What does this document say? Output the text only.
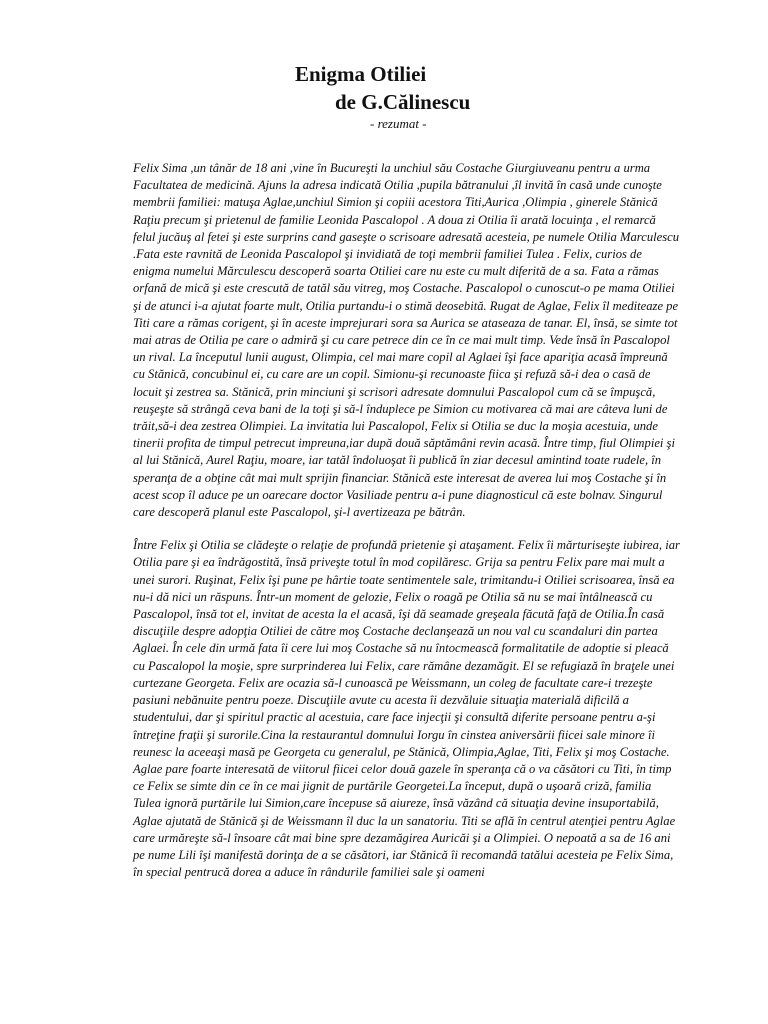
Enigma Otiliei
de G.Călinescu
- rezumat -

Felix Sima ,un tânăr de 18 ani ,vine în Bucureşti la unchiul său Costache Giurgiuveanu pentru a urma Facultatea de medicină. Ajuns la adresa indicată Otilia ,pupila bătranului ,îl invită în casă unde cunoşte membrii familiei: matuşa Aglae,unchiul Simion şi copiii acestora Titi,Aurica ,Olimpia , ginerele Stănică Raţiu precum şi prietenul de familie Leonida Pascalopol . A doua zi Otilia îi arată locuinţa , el remarcă felul jucăuş al fetei şi este surprins cand gaseşte o scrisoare adresată acesteia, pe numele Otilia Marculescu .Fata este ravnită de Leonida Pascalopol şi invidiată de toţi membrii familiei Tulea . Felix, curios de enigma numelui Mărculescu descoperă soarta Otiliei care nu este cu mult diferită de a sa. Fata a rămas orfană de mică şi este crescută de tatăl său vitreg, moş Costache. Pascalopol o cunoscut-o pe mama Otiliei şi de atunci i-a ajutat foarte mult, Otilia purtandu-i o stimă deosebită. Rugat de Aglae, Felix îl mediteaze pe Titi care a rămas corigent, şi în aceste impreјurari sora sa Aurica se ataseaza de tanar. El, însă, se simte tot mai atras de Otilia pe care o admiră şi cu care petrece din ce în ce mai mult timp. Vede însă în Pascalopol un rival. La începutul lunii august, Olimpia, cel mai mare copil al Aglaei îşi face apariţia acasă împreună cu Stănică, concubinul ei, cu care are un copil. Simionu-şi recunoaste fiica şi refuză să-i dea o casă de locuit şi zestrea sa. Stănică, prin minciuni şi scrisori adresate domnului Pascalopol cum că se împuşcă, reuşeşte să strângă ceva bani de la toţi şi să-l înduplece pe Simion cu motivarea că mai are câteva luni de trăit,să-i dea zestrea Olimpiei. La invitatia lui Pascalopol, Felix si Otilia se duc la moşia acestuia, unde tinerii profita de timpul petrecut impreuna,iar după două săptămâni revin acasă. Între timp, fiul Olimpiei şi al lui Stănică, Aurel Raţiu, moare, iar tatăl îndoluoşat îi publică în ziar decesul amintind toate rudele, în speranţa de a obţine cât mai mult sprijin financiar. Stănică este interesat de averea lui moş Costache şi în acest scop îl aduce pe un oarecare doctor Vasiliade pentru a-i pune diagnosticul că este bolnav. Singurul care descoperă planul este Pascalopol, şi-l avertizeaza pe bătrân.

Între Felix şi Otilia se clădeşte o relaţie de profundă prietenie şi ataşament. Felix îi mărturiseşte iubirea, iar Otilia pare şi ea îndrăgostită, însă priveşte totul în mod copilăresc. Grija sa pentru Felix pare mai mult a unei surori. Ruşinat, Felix îşi pune pe hârtie toate sentimentele sale, trimitandu-i Otiliei scrisoarea, însă ea nu-i dă nici un răspuns. Într-un moment de gelozie, Felix o roagă pe Otilia să nu se mai întâlnească cu Pascalopol, însă tot el, invitat de acesta la el acasă, îşi dă seamade greşeala făcută faţă de Otilia.În casă discuţiile despre adopţia Otiliei de către moş Costache declanşează un nou val cu scandaluri din partea Aglaei. În cele din urmă fata îi cere lui moş Costache să nu întocmească formalitatile de adoptie si pleacă cu Pascalopol la moşie, spre surprinderea lui Felix, care rămâne dezamăgit. El se refugiază în braţele unei curtezane Georgeta. Felix are ocazia să-l cunoască pe Weissmann, un coleg de facultate care-i trezeşte pasiuni nebănuite pentru poeze. Discuţiile avute cu acesta îi dezvăluie situaţia materială dificilă a studentului, dar şi spiritul practic al acestuia, care face injecţii şi consultă diferite persoane pentru a-şi întreţine fraţii şi surorile.Cina la restaurantul domnului Iorgu în cinstea aniversării fiicei sale minore îi reunesc la aceeaşi masă pe Georgeta cu generalul, pe Stănică, Olimpia,Aglae, Titi, Felix şi moş Costache. Aglae pare foarte interesată de viitorul fiicei celor două gazele în speranţa că o va căsători cu Titi, în timp ce Felix se simte din ce în ce mai jignit de purtările Georgetei.La început, după o uşoară criză, familia Tulea ignoră purtările lui Simion,care începuse să aiureze, însă văzând că situaţia devine insuportabilă, Aglae ajutată de Stănică şi de Weissmann îl duc la un sanatoriu. Titi se află în centrul atenţiei pentru Aglae care urmăreşte să-l însoare cât mai bine spre dezamăgirea Auricăi şi a Olimpiei. O nepoată a sa de 16 ani pe nume Lili îşi manifestă dorinţa de a se căsători, iar Stănică îi recomandă tatălui acesteia pe Felix Sima, în special pentrucă dorea a aduce în rândurile familiei sale şi oameni
